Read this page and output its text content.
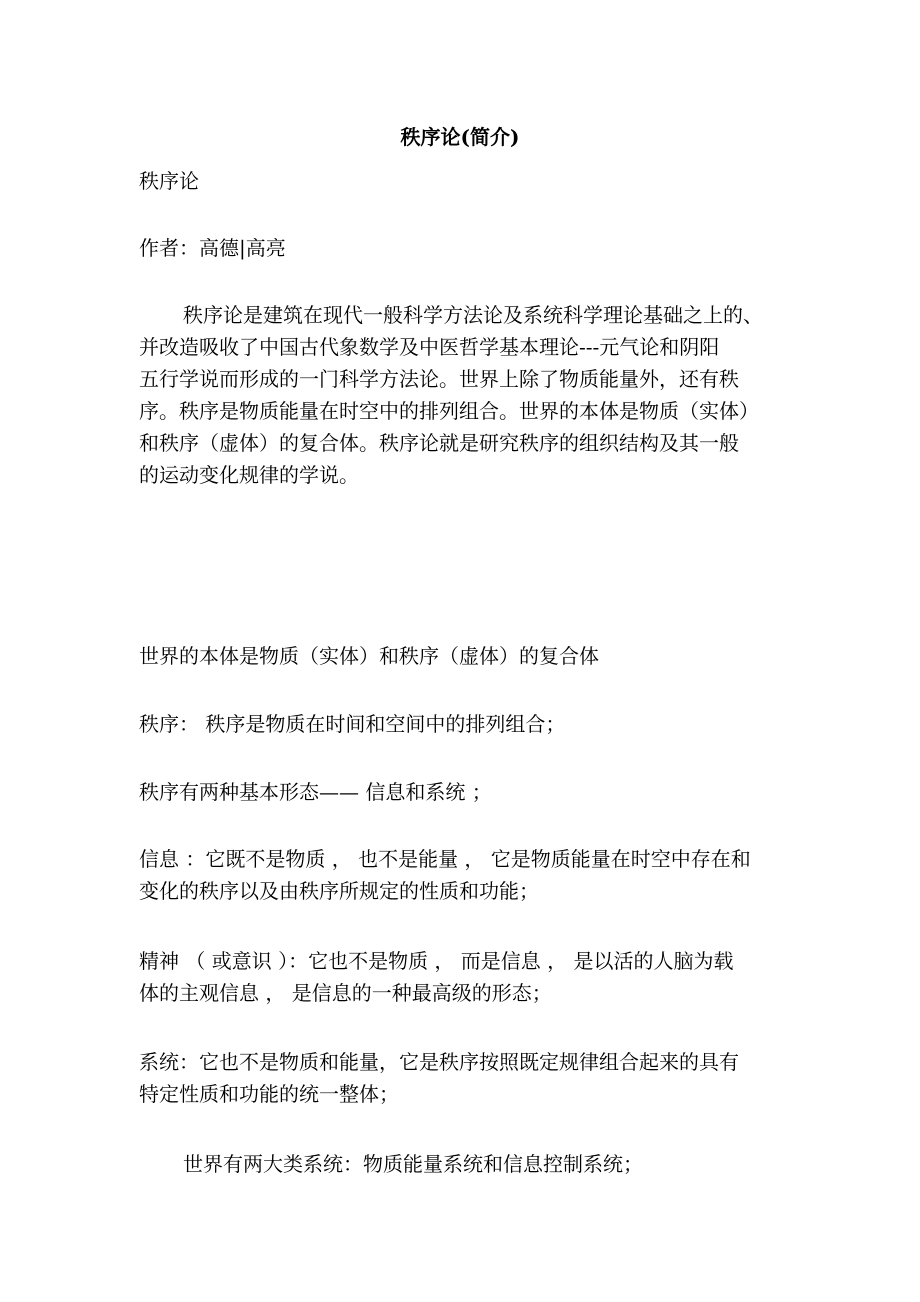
秩序论(简介)

秩序论

作者：高德|高亮

秩序论是建筑在现代一般科学方法论及系统科学理论基础之上的、
并改造吸收了中国古代象数学及中医哲学基本理论---元气论和阴阳
五行学说而形成的一门科学方法论。世界上除了物质能量外，还有秩
序。秩序是物质能量在时空中的排列组合。世界的本体是物质（实体）
和秩序（虚体）的复合体。秩序论就是研究秩序的组织结构及其一般
的运动变化规律的学说。

世界的本体是物质（实体）和秩序（虚体）的复合体

秩序： 秩序是物质在时间和空间中的排列组合；

秩序有两种基本形态—— 信息和系统 ；

信息 ：它既不是物质 ， 也不是能量 ， 它是物质能量在时空中存在和
变化的秩序以及由秩序所规定的性质和功能；
精神 （ 或意识 ）：它也不是物质 ， 而是信息 ， 是以活的人脑为载
体的主观信息 ， 是信息的一种最高级的形态；
系统：它也不是物质和能量，它是秩序按照既定规律组合起来的具有
特定性质和功能的统一整体；

世界有两大类系统：物质能量系统和信息控制系统；
